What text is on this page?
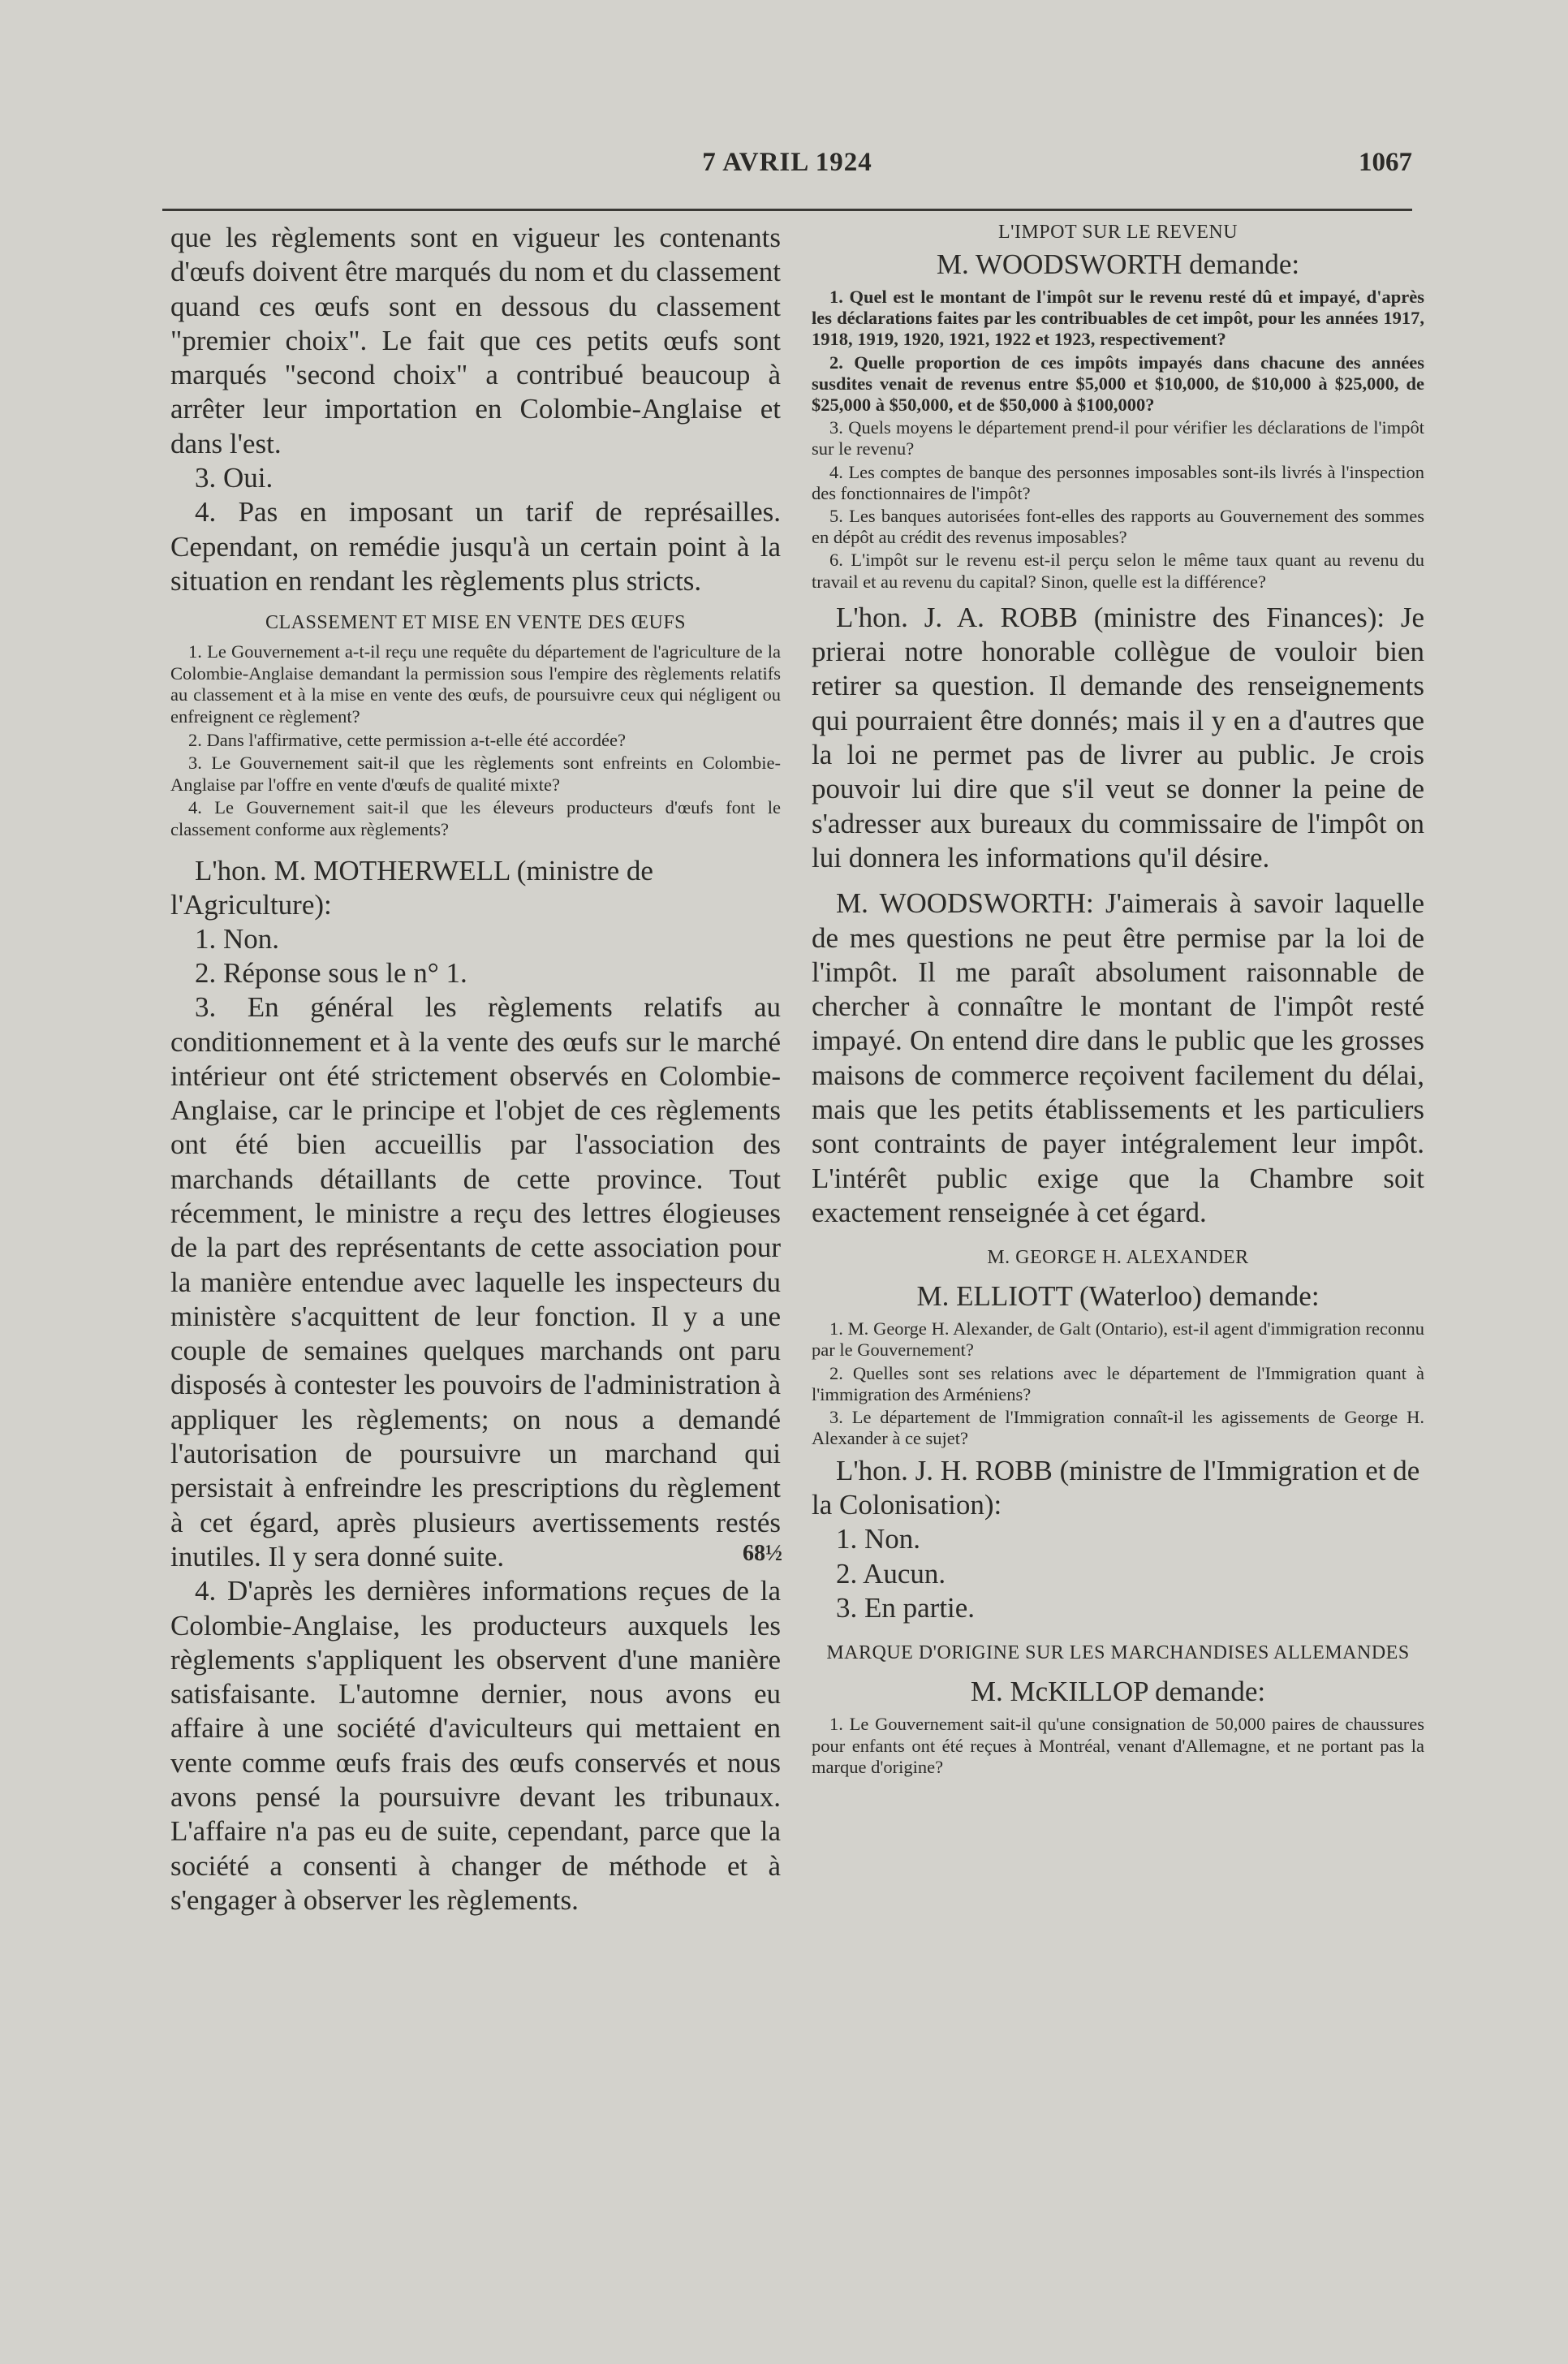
7 AVRIL 1924	1067

que les règlements sont en vigueur les contenants d'œufs doivent être marqués du nom et du classement quand ces œufs sont en dessous du classement "premier choix". Le fait que ces petits œufs sont marqués "second choix" a contribué beaucoup à arrêter leur importation en Colombie-Anglaise et dans l'est.

3. Oui.

4. Pas en imposant un tarif de représailles. Cependant, on remédie jusqu'à un certain point à la situation en rendant les règlements plus stricts.

CLASSEMENT ET MISE EN VENTE DES ŒUFS

1. Le Gouvernement a-t-il reçu une requête du département de l'agriculture de la Colombie-Anglaise demandant la permission sous l'empire des règlements relatifs au classement et à la mise en vente des œufs, de poursuivre ceux qui négligent ou enfreignent ce règlement?

2. Dans l'affirmative, cette permission a-t-elle été accordée?

3. Le Gouvernement sait-il que les règlements sont enfreints en Colombie-Anglaise par l'offre en vente d'œufs de qualité mixte?

4. Le Gouvernement sait-il que les éleveurs producteurs d'œufs font le classement conforme aux règlements?

L'hon. M. MOTHERWELL (ministre de l'Agriculture):

1. Non.

2. Réponse sous le n° 1.

3. En général les règlements relatifs au conditionnement et à la vente des œufs sur le marché intérieur ont été strictement observés en Colombie-Anglaise, car le principe et l'objet de ces règlements ont été bien accueillis par l'association des marchands détaillants de cette province. Tout récemment, le ministre a reçu des lettres élogieuses de la part des représentants de cette association pour la manière entendue avec laquelle les inspecteurs du ministère s'acquittent de leur fonction. Il y a une couple de semaines quelques marchands ont paru disposés à contester les pouvoirs de l'administration à appliquer les règlements; on nous a demandé l'autorisation de poursuivre un marchand qui persistait à enfreindre les prescriptions du règlement à cet égard, après plusieurs avertissements restés inutiles. Il y sera donné suite.

4. D'après les dernières informations reçues de la Colombie-Anglaise, les producteurs auxquels les règlements s'appliquent les observent d'une manière satisfaisante. L'automne dernier, nous avons eu affaire à une société d'aviculteurs qui mettaient en vente comme œufs frais des œufs conservés et nous avons pensé la poursuivre devant les tribunaux. L'affaire n'a pas eu de suite, cependant, parce que la société a consenti à changer de méthode et à s'engager à observer les règlements.

68½
L'IMPOT SUR LE REVENU

M. WOODSWORTH demande:

1. Quel est le montant de l'impôt sur le revenu resté dû et impayé, d'après les déclarations faites par les contribuables de cet impôt, pour les années 1917, 1918, 1919, 1920, 1921, 1922 et 1923, respectivement?

2. Quelle proportion de ces impôts impayés dans chacune des années susdites venait de revenus entre $5,000 et $10,000, de $10,000 à $25,000, de $25,000 à $50,000, et de $50,000 à $100,000?

3. Quels moyens le département prend-il pour vérifier les déclarations de l'impôt sur le revenu?

4. Les comptes de banque des personnes imposables sont-ils livrés à l'inspection des fonctionnaires de l'impôt?

5. Les banques autorisées font-elles des rapports au Gouvernement des sommes en dépôt au crédit des revenus imposables?

6. L'impôt sur le revenu est-il perçu selon le même taux quant au revenu du travail et au revenu du capital? Sinon, quelle est la différence?

L'hon. J. A. ROBB (ministre des Finances): Je prierai notre honorable collègue de vouloir bien retirer sa question. Il demande des renseignements qui pourraient être donnés; mais il y en a d'autres que la loi ne permet pas de livrer au public. Je crois pouvoir lui dire que s'il veut se donner la peine de s'adresser aux bureaux du commissaire de l'impôt on lui donnera les informations qu'il désire.

M. WOODSWORTH: J'aimerais à savoir laquelle de mes questions ne peut être permise par la loi de l'impôt. Il me paraît absolument raisonnable de chercher à connaître le montant de l'impôt resté impayé. On entend dire dans le public que les grosses maisons de commerce reçoivent facilement du délai, mais que les petits établissements et les particuliers sont contraints de payer intégralement leur impôt. L'intérêt public exige que la Chambre soit exactement renseignée à cet égard.

M. GEORGE H. ALEXANDER

M. ELLIOTT (Waterloo) demande:

1. M. George H. Alexander, de Galt (Ontario), est-il agent d'immigration reconnu par le Gouvernement?

2. Quelles sont ses relations avec le département de l'Immigration quant à l'immigration des Arméniens?

3. Le département de l'Immigration connaît-il les agissements de George H. Alexander à ce sujet?

L'hon. J. H. ROBB (ministre de l'Immigration et de la Colonisation):

1. Non.

2. Aucun.

3. En partie.

MARQUE D'ORIGINE SUR LES MARCHANDISES ALLEMANDES

M. McKILLOP demande:

1. Le Gouvernement sait-il qu'une consignation de 50,000 paires de chaussures pour enfants ont été reçues à Montréal, venant d'Allemagne, et ne portant pas la marque d'origine?
